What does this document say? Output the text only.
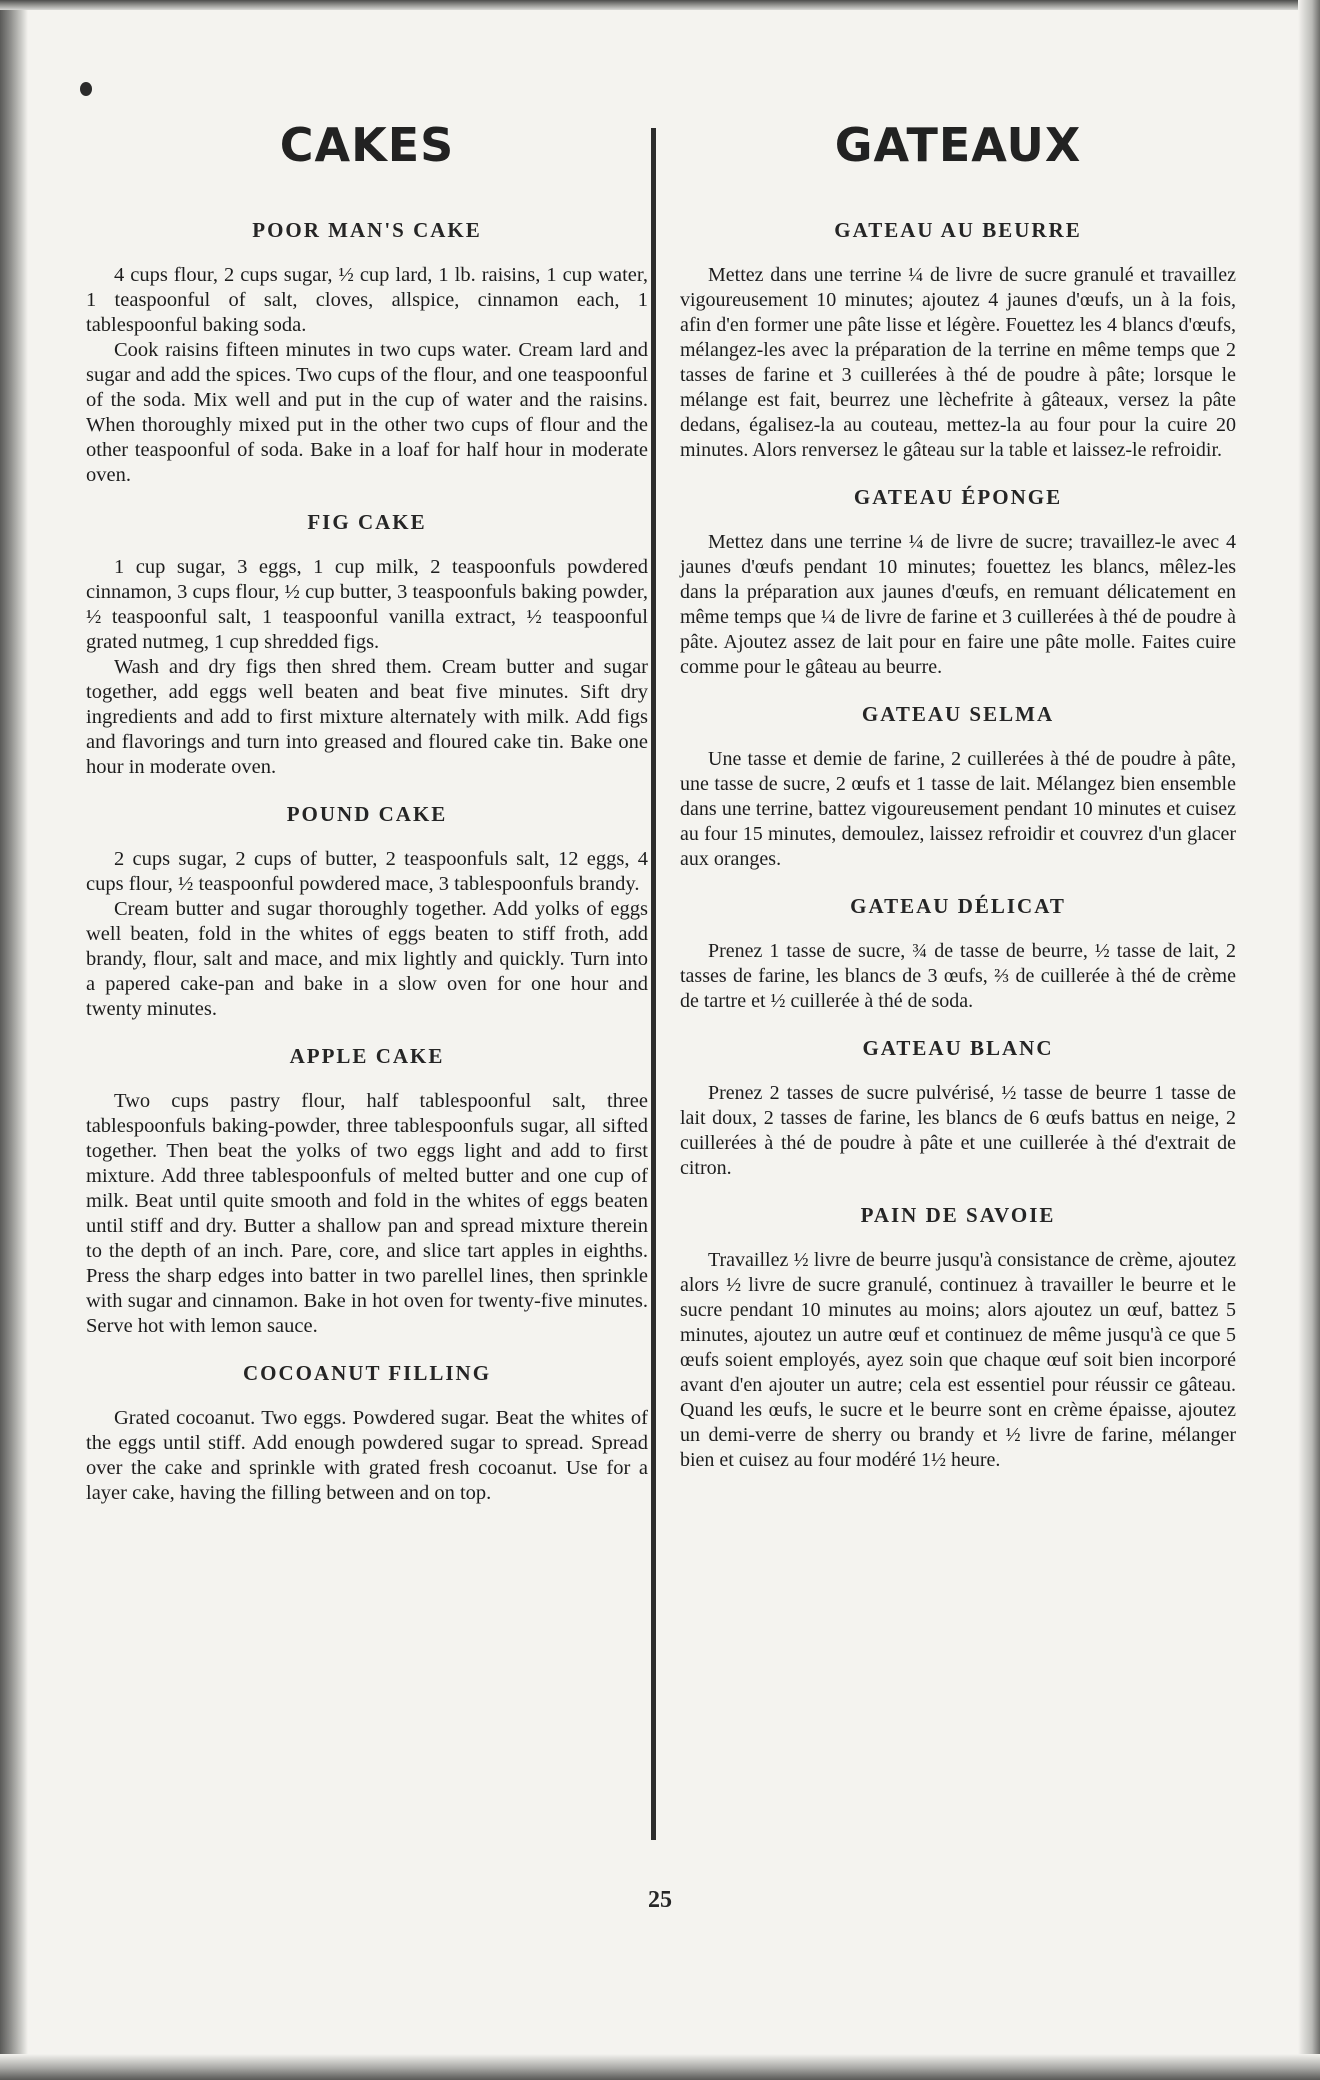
CAKES
POOR MAN'S CAKE

4 cups flour, 2 cups sugar, ½ cup lard, 1 lb. raisins, 1 cup water, 1 teaspoonful of salt, cloves, allspice, cinnamon each, 1 tablespoonful baking soda.

Cook raisins fifteen minutes in two cups water. Cream lard and sugar and add the spices. Two cups of the flour, and one teaspoonful of the soda. Mix well and put in the cup of water and the raisins. When thoroughly mixed put in the other two cups of flour and the other teaspoonful of soda. Bake in a loaf for half hour in moderate oven.

FIG CAKE

1 cup sugar, 3 eggs, 1 cup milk, 2 teaspoonfuls powdered cinnamon, 3 cups flour, ½ cup butter, 3 teaspoonfuls baking powder, ½ teaspoonful salt, 1 teaspoonful vanilla extract, ½ teaspoonful grated nutmeg, 1 cup shredded figs.

Wash and dry figs then shred them. Cream butter and sugar together, add eggs well beaten and beat five minutes. Sift dry ingredients and add to first mixture alternately with milk. Add figs and flavorings and turn into greased and floured cake tin. Bake one hour in moderate oven.

POUND CAKE

2 cups sugar, 2 cups of butter, 2 teaspoonfuls salt, 12 eggs, 4 cups flour, ½ teaspoonful powdered mace, 3 tablespoonfuls brandy.

Cream butter and sugar thoroughly together. Add yolks of eggs well beaten, fold in the whites of eggs beaten to stiff froth, add brandy, flour, salt and mace, and mix lightly and quickly. Turn into a papered cake-pan and bake in a slow oven for one hour and twenty minutes.

APPLE CAKE

Two cups pastry flour, half tablespoonful salt, three tablespoonfuls baking-powder, three tablespoonfuls sugar, all sifted together. Then beat the yolks of two eggs light and add to first mixture. Add three tablespoonfuls of melted butter and one cup of milk. Beat until quite smooth and fold in the whites of eggs beaten until stiff and dry. Butter a shallow pan and spread mixture therein to the depth of an inch. Pare, core, and slice tart apples in eighths. Press the sharp edges into batter in two parellel lines, then sprinkle with sugar and cinnamon. Bake in hot oven for twenty-five minutes. Serve hot with lemon sauce.

COCOANUT FILLING

Grated cocoanut. Two eggs. Powdered sugar. Beat the whites of the eggs until stiff. Add enough powdered sugar to spread. Spread over the cake and sprinkle with grated fresh cocoanut. Use for a layer cake, having the filling between and on top.

GATEAUX
GATEAU AU BEURRE

Mettez dans une terrine ¼ de livre de sucre granulé et travaillez vigoureusement 10 minutes; ajoutez 4 jaunes d'œufs, un à la fois, afin d'en former une pâte lisse et légère. Fouettez les 4 blancs d'œufs, mélangez-les avec la préparation de la terrine en même temps que 2 tasses de farine et 3 cuillerées à thé de poudre à pâte; lorsque le mélange est fait, beurrez une lèchefrite à gâteaux, versez la pâte dedans, égalisez-la au couteau, mettez-la au four pour la cuire 20 minutes. Alors renversez le gâteau sur la table et laissez-le refroidir.

GATEAU ÉPONGE

Mettez dans une terrine ¼ de livre de sucre; travaillez-le avec 4 jaunes d'œufs pendant 10 minutes; fouettez les blancs, mêlez-les dans la préparation aux jaunes d'œufs, en remuant délicatement en même temps que ¼ de livre de farine et 3 cuillerées à thé de poudre à pâte. Ajoutez assez de lait pour en faire une pâte molle. Faites cuire comme pour le gâteau au beurre.

GATEAU SELMA

Une tasse et demie de farine, 2 cuillerées à thé de poudre à pâte, une tasse de sucre, 2 œufs et 1 tasse de lait. Mélangez bien ensemble dans une terrine, battez vigoureusement pendant 10 minutes et cuisez au four 15 minutes, demoulez, laissez refroidir et couvrez d'un glacer aux oranges.

GATEAU DÉLICAT

Prenez 1 tasse de sucre, ¾ de tasse de beurre, ½ tasse de lait, 2 tasses de farine, les blancs de 3 œufs, ⅔ de cuillerée à thé de crème de tartre et ½ cuillerée à thé de soda.

GATEAU BLANC

Prenez 2 tasses de sucre pulvérisé, ½ tasse de beurre 1 tasse de lait doux, 2 tasses de farine, les blancs de 6 œufs battus en neige, 2 cuillerées à thé de poudre à pâte et une cuillerée à thé d'extrait de citron.

PAIN DE SAVOIE

Travaillez ½ livre de beurre jusqu'à consistance de crème, ajoutez alors ½ livre de sucre granulé, continuez à travailler le beurre et le sucre pendant 10 minutes au moins; alors ajoutez un œuf, battez 5 minutes, ajoutez un autre œuf et continuez de même jusqu'à ce que 5 œufs soient employés, ayez soin que chaque œuf soit bien incorporé avant d'en ajouter un autre; cela est essentiel pour réussir ce gâteau. Quand les œufs, le sucre et le beurre sont en crème épaisse, ajoutez un demi-verre de sherry ou brandy et ½ livre de farine, mélanger bien et cuisez au four modéré 1½ heure.

25
